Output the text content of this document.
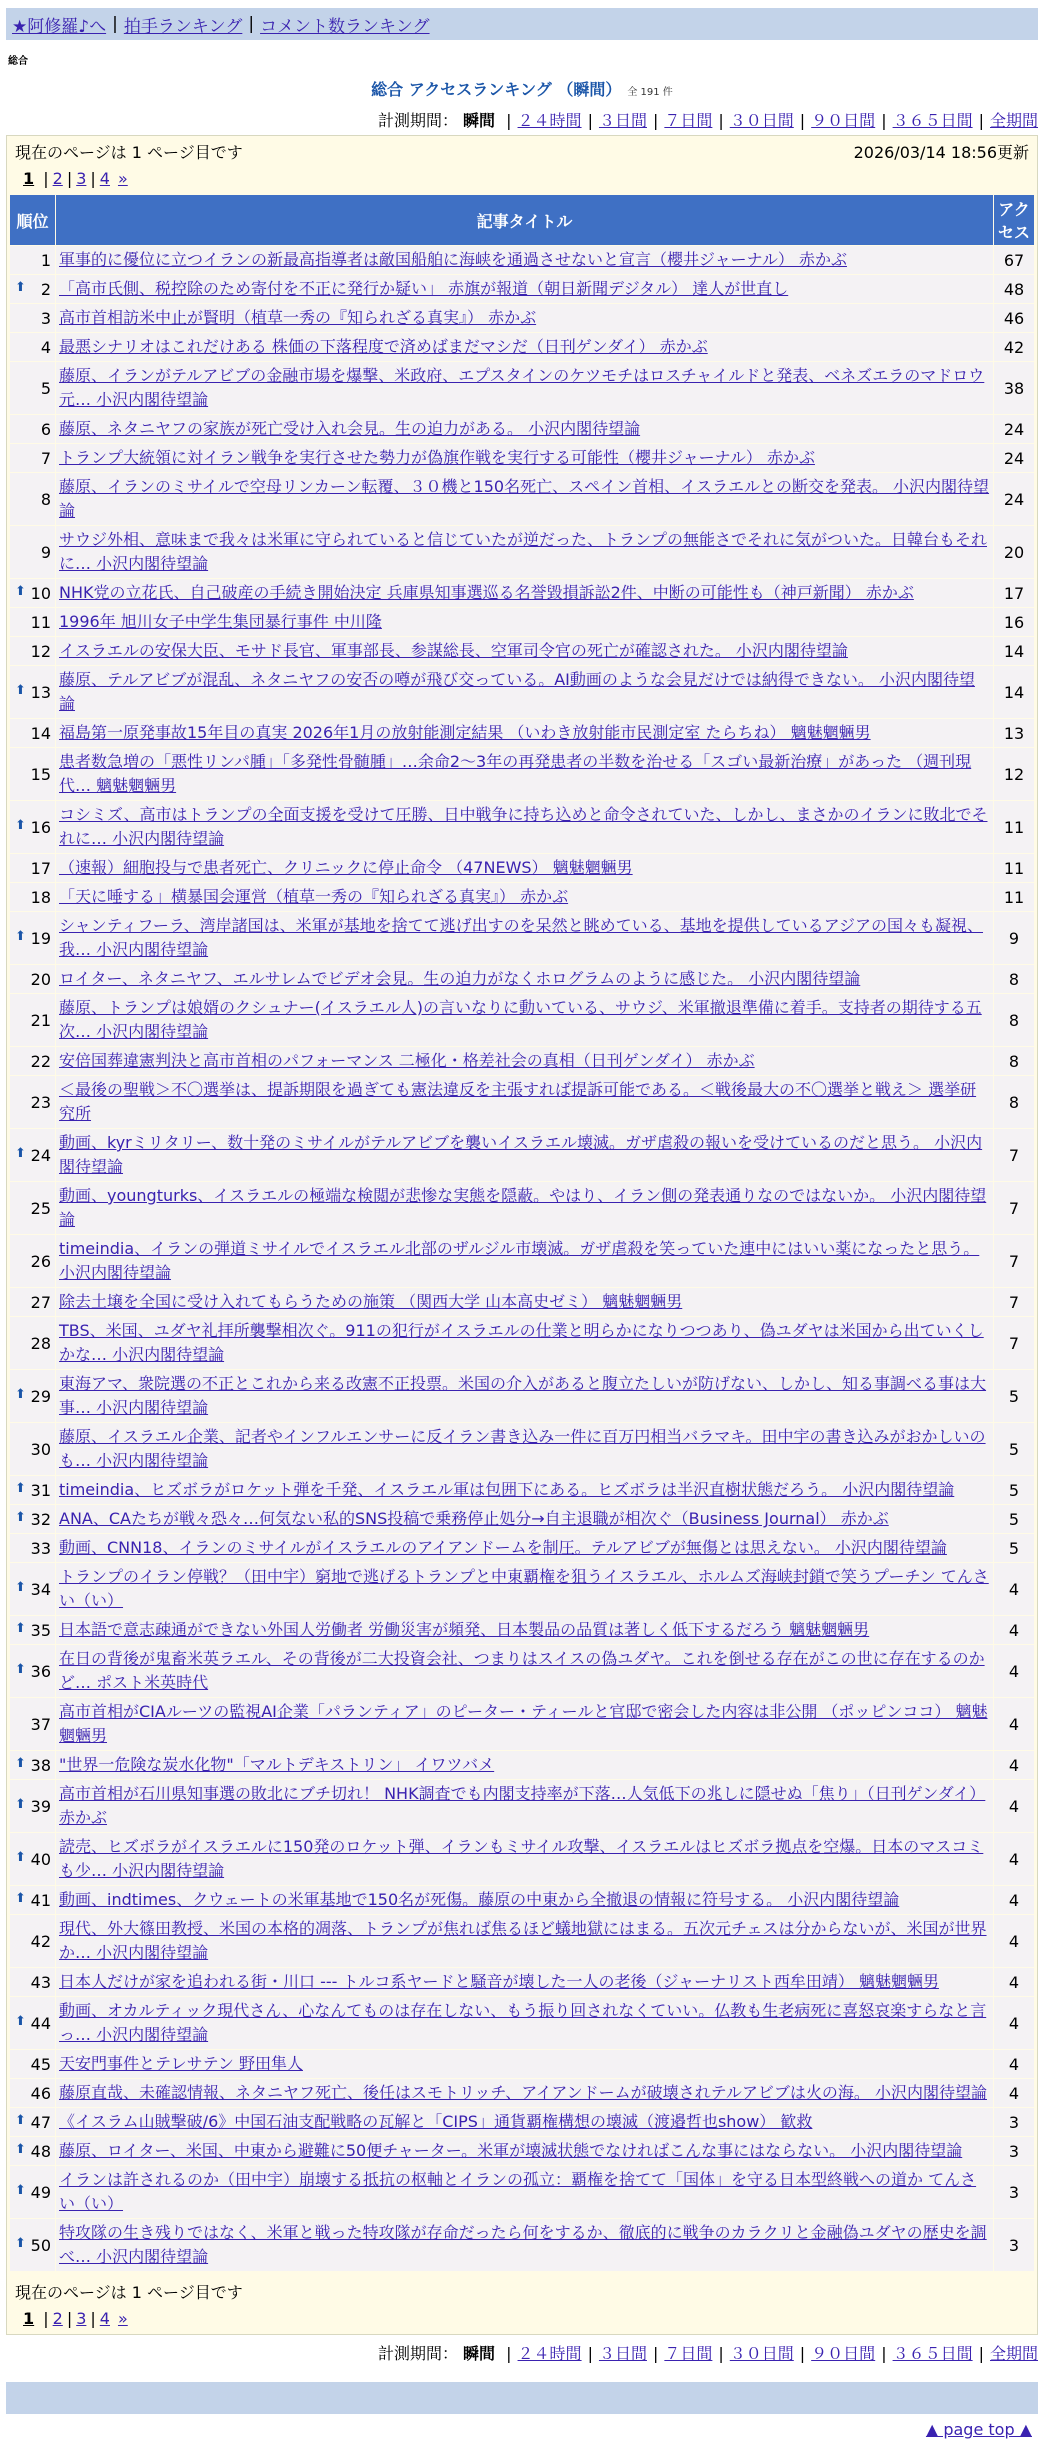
★阿修羅♪へ | 拍手ランキング | コメント数ランキング
総合
総合 アクセスランキング （瞬間） 全 191 件
計測期間： 瞬間 | ２４時間 | ３日間 | ７日間 | ３０日間 | ９０日間 | ３６５日間 | 全期間
現在のページは 1 ページ目です	2026/03/14 18:56更新
1 | 2 | 3 | 4 »
順位	記事タイトル	アクセス
1	軍事的に優位に立つイランの新最高指導者は敵国船舶に海峡を通過させないと宣言（櫻井ジャーナル） 赤かぶ	67

⬆ 2	「高市氏側、税控除のため寄付を不正に発行か疑い」 赤旗が報道（朝日新聞デジタル） 達人が世直し	48
3	高市首相訪米中止が賢明（植草一秀の『知られざる真実』） 赤かぶ	46
4	最悪シナリオはこれだけある 株価の下落程度で済めばまだマシだ（日刊ゲンダイ） 赤かぶ	42
5	藤原、イランがテルアビブの金融市場を爆撃、米政府、エプスタインのケツモチはロスチャイルドと発表、ベネズエラのマドロウ元… 小沢内閣待望論	38
6	藤原、ネタニヤフの家族が死亡受け入れ会見。生の迫力がある。 小沢内閣待望論	24
7	トランプ大統領に対イラン戦争を実行させた勢力が偽旗作戦を実行する可能性（櫻井ジャーナル） 赤かぶ	24
8	藤原、イランのミサイルで空母リンカーン転覆、３０機と150名死亡、スペイン首相、イスラエルとの断交を発表。 小沢内閣待望論	24
9	サウジ外相、意味まで我々は米軍に守られていると信じていたが逆だった、トランプの無能さでそれに気がついた。日韓台もそれに… 小沢内閣待望論	20

⬆ 10	NHK党の立花氏、自己破産の手続き開始決定 兵庫県知事選巡る名誉毀損訴訟2件、中断の可能性も（神戸新聞） 赤かぶ	17
11	1996年 旭川女子中学生集団暴行事件 中川隆	16
12	イスラエルの安保大臣、モサド長官、軍事部長、参謀総長、空軍司令官の死亡が確認された。 小沢内閣待望論	14

⬆ 13	藤原、テルアビブが混乱、ネタニヤフの安否の噂が飛び交っている。AI動画のような会見だけでは納得できない。 小沢内閣待望論	14
14	福島第一原発事故15年目の真実 2026年1月の放射能測定結果 （いわき放射能市民測定室 たらちね） 魑魅魍魎男	13
15	患者数急増の「悪性リンパ腫」「多発性骨髄腫」…余命2～3年の再発患者の半数を治せる「スゴい最新治療」があった （週刊現代… 魑魅魍魎男	12

⬆ 16	コシミズ、高市はトランプの全面支援を受けて圧勝、日中戦争に持ち込めと命令されていた、しかし、まさかのイランに敗北でそれに… 小沢内閣待望論	11
17	（速報）細胞投与で患者死亡、クリニックに停止命令 （47NEWS） 魑魅魍魎男	11
18	「天に唾する」横暴国会運営（植草一秀の『知られざる真実』） 赤かぶ	11

⬆ 19	シャンティフーラ、湾岸諸国は、米軍が基地を捨てて逃げ出すのを呆然と眺めている、基地を提供しているアジアの国々も凝視、我… 小沢内閣待望論	9
20	ロイター、ネタニヤフ、エルサレムでビデオ会見。生の迫力がなくホログラムのように感じた。 小沢内閣待望論	8
21	藤原、トランプは娘婿のクシュナー(イスラエル人)の言いなりに動いている、サウジ、米軍撤退準備に着手。支持者の期待する五次… 小沢内閣待望論	8
22	安倍国葬違憲判決と高市首相のパフォーマンス 二極化・格差社会の真相（日刊ゲンダイ） 赤かぶ	8
23	＜最後の聖戦＞不〇選挙は、提訴期限を過ぎても憲法違反を主張すれば提訴可能である。＜戦後最大の不〇選挙と戦え＞ 選挙研究所	8

⬆ 24	動画、kyrミリタリー、数十発のミサイルがテルアビブを襲いイスラエル壊滅。ガザ虐殺の報いを受けているのだと思う。 小沢内閣待望論	7
25	動画、youngturks、イスラエルの極端な検閲が悲惨な実態を隠蔽。やはり、イラン側の発表通りなのではないか。 小沢内閣待望論	7
26	timeindia、イランの弾道ミサイルでイスラエル北部のザルジル市壊滅。ガザ虐殺を笑っていた連中にはいい薬になったと思う。 小沢内閣待望論	7
27	除去土壌を全国に受け入れてもらうための施策 （関西大学 山本高史ゼミ） 魑魅魍魎男	7
28	TBS、米国、ユダヤ礼拝所襲撃相次ぐ。911の犯行がイスラエルの仕業と明らかになりつつあり、偽ユダヤは米国から出ていくしかな… 小沢内閣待望論	7

⬆ 29	東海アマ、衆院選の不正とこれから来る改憲不正投票。米国の介入があると腹立たしいが防げない、しかし、知る事調べる事は大事… 小沢内閣待望論	5
30	藤原、イスラエル企業、記者やインフルエンサーに反イラン書き込み一件に百万円相当バラマキ。田中宇の書き込みがおかしいのも… 小沢内閣待望論	5

⬆ 31	timeindia、ヒズボラがロケット弾を千発、イスラエル軍は包囲下にある。ヒズボラは半沢直樹状態だろう。 小沢内閣待望論	5

⬆ 32	ANA、CAたちが戦々恐々…何気ない私的SNS投稿で乗務停止処分→自主退職が相次ぐ（Business Journal） 赤かぶ	5
33	動画、CNN18、イランのミサイルがイスラエルのアイアンドームを制圧。テルアビブが無傷とは思えない。 小沢内閣待望論	5

⬆ 34	トランプのイラン停戦？（田中宇）窮地で逃げるトランプと中東覇権を狙うイスラエル、ホルムズ海峡封鎖で笑うプーチン てんさい（い）	4

⬆ 35	日本語で意志疎通ができない外国人労働者 労働災害が頻発、日本製品の品質は著しく低下するだろう 魑魅魍魎男	4

⬆ 36	在日の背後が鬼畜米英ラエル、その背後が二大投資会社、つまりはスイスの偽ユダヤ。これを倒せる存在がこの世に存在するのかど… ポスト米英時代	4
37	高市首相がCIAルーツの監視AI企業「パランティア」のピーター・ティールと官邸で密会した内容は非公開 （ポッピンココ） 魑魅魍魎男	4

⬆ 38	"世界一危険な炭水化物"「マルトデキストリン」 イワツバメ	4

⬆ 39	高市首相が石川県知事選の敗北にブチ切れ！ NHK調査でも内閣支持率が下落…人気低下の兆しに隠せぬ「焦り」（日刊ゲンダイ） 赤かぶ	4

⬆ 40	読売、ヒズボラがイスラエルに150発のロケット弾、イランもミサイル攻撃、イスラエルはヒズボラ拠点を空爆。日本のマスコミも少… 小沢内閣待望論	4

⬆ 41	動画、indtimes、クウェートの米軍基地で150名が死傷。藤原の中東から全撤退の情報に符号する。 小沢内閣待望論	4
42	現代、外大篠田教授、米国の本格的凋落、トランプが焦れば焦るほど蟻地獄にはまる。五次元チェスは分からないが、米国が世界か… 小沢内閣待望論	4
43	日本人だけが家を追われる街・川口 --- トルコ系ヤードと騒音が壊した一人の老後（ジャーナリスト西牟田靖） 魑魅魍魎男	4

⬆ 44	動画、オカルティック現代さん、心なんてものは存在しない、もう振り回されなくていい。仏教も生老病死に喜怒哀楽すらなと言っ… 小沢内閣待望論	4
45	天安門事件とテレサテン 野田隼人	4
46	藤原直哉、未確認情報、ネタニヤフ死亡、後任はスモトリッチ、アイアンドームが破壊されテルアビブは火の海。 小沢内閣待望論	4

⬆ 47	《イスラム山賊撃破/6》中国石油支配戦略の瓦解と「CIPS」通貨覇権構想の壊滅（渡邉哲也show） 歓救	3

⬆ 48	藤原、ロイター、米国、中東から避難に50便チャーター。米軍が壊滅状態でなければこんな事にはならない。 小沢内閣待望論	3

⬆ 49	イランは許されるのか（田中宇）崩壊する抵抗の枢軸とイランの孤立：覇権を捨てて「国体」を守る日本型終戦への道か てんさい（い）	3

⬆ 50	特攻隊の生き残りではなく、米軍と戦った特攻隊が存命だったら何をするか、徹底的に戦争のカラクリと金融偽ユダヤの歴史を調べ… 小沢内閣待望論	3
現在のページは 1 ページ目です
1 | 2 | 3 | 4 »
計測期間： 瞬間 | ２４時間 | ３日間 | ７日間 | ３０日間 | ９０日間 | ３６５日間 | 全期間
▲ page top ▲
